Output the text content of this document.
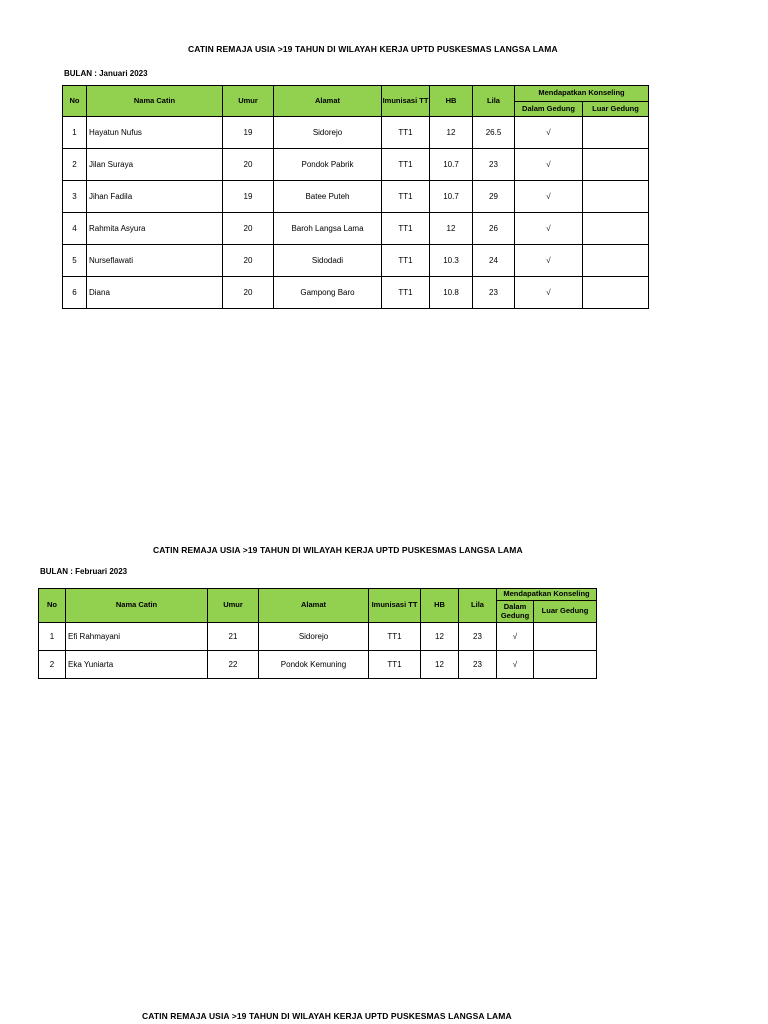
CATIN REMAJA USIA >19 TAHUN DI WILAYAH KERJA UPTD PUSKESMAS LANGSA LAMA
BULAN : Januari 2023
No	Nama Catin	Umur	Alamat	Imunisasi TT	HB	Lila	Mendapatkan Konseling	
							Dalam Gedung	Luar Gedung
1	Hayatun Nufus	19	Sidorejo	TT1	12	26.5	√	
2	Jilan Suraya	20	Pondok Pabrik	TT1	10.7	23	√	
3	Jihan Fadila	19	Batee Puteh	TT1	10.7	29	√	
4	Rahmita Asyura	20	Baroh Langsa Lama	TT1	12	26	√	
5	Nurseflawati	20	Sidodadi	TT1	10.3	24	√	
6	Diana	20	Gampong Baro	TT1	10.8	23	√	
CATIN REMAJA USIA >19 TAHUN DI WILAYAH KERJA UPTD PUSKESMAS LANGSA LAMA
BULAN : Februari 2023
No	Nama Catin	Umur	Alamat	Imunisasi TT	HB	Lila	Mendapatkan Konseling	
							Dalam Gedung	Luar Gedung
1	Efi Rahmayani	21	Sidorejo	TT1	12	23	√	
2	Eka Yuniarta	22	Pondok Kemuning	TT1	12	23	√	
CATIN REMAJA USIA >19 TAHUN DI WILAYAH KERJA UPTD PUSKESMAS LANGSA LAMA
